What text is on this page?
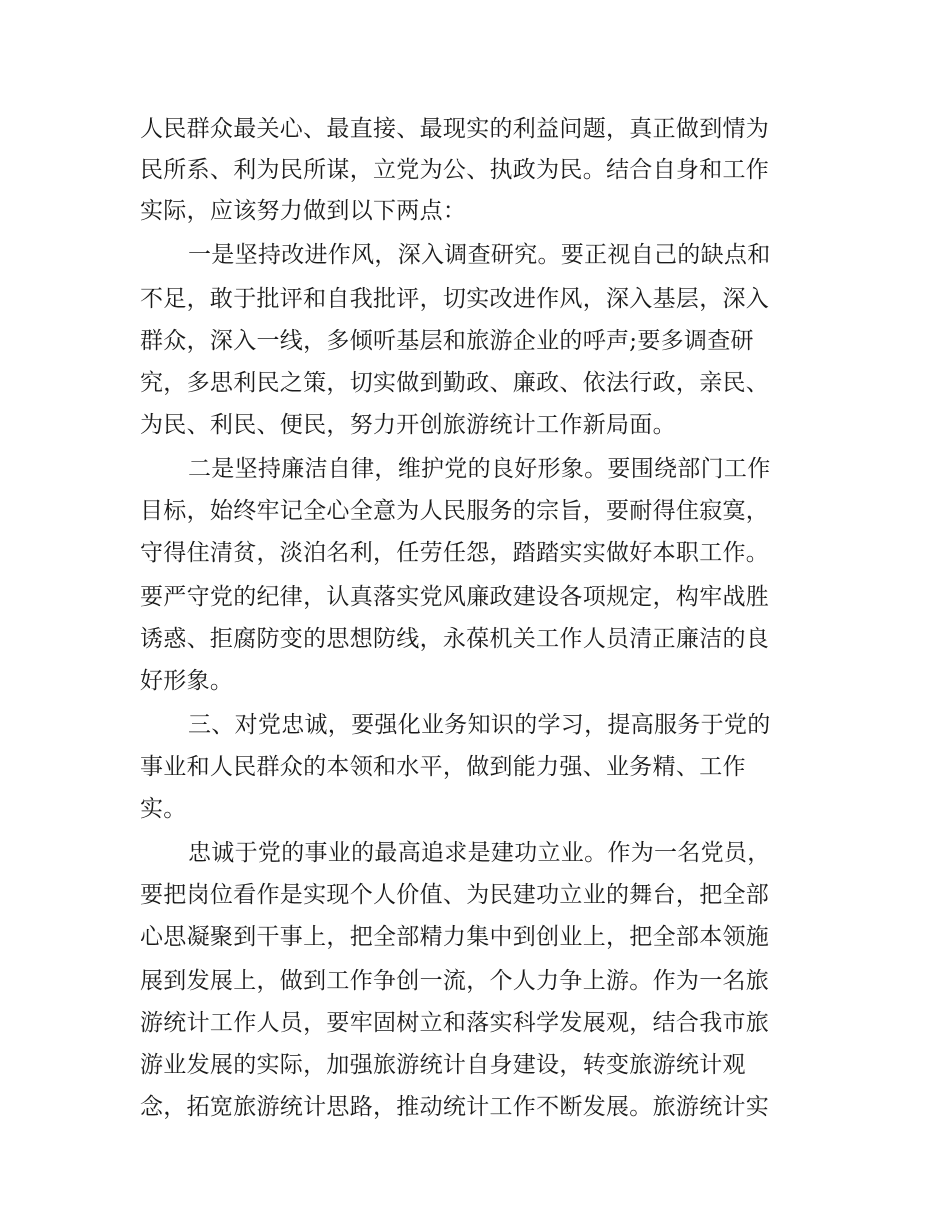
人民群众最关心、最直接、最现实的利益问题，真正做到情为
民所系、利为民所谋，立党为公、执政为民。结合自身和工作
实际，应该努力做到以下两点：
一是坚持改进作风，深入调查研究。要正视自己的缺点和
不足，敢于批评和自我批评，切实改进作风，深入基层，深入
群众，深入一线，多倾听基层和旅游企业的呼声;要多调查研
究，多思利民之策，切实做到勤政、廉政、依法行政，亲民、
为民、利民、便民，努力开创旅游统计工作新局面。
二是坚持廉洁自律，维护党的良好形象。要围绕部门工作
目标，始终牢记全心全意为人民服务的宗旨，要耐得住寂寞，
守得住清贫，淡泊名利，任劳任怨，踏踏实实做好本职工作。
要严守党的纪律，认真落实党风廉政建设各项规定，构牢战胜
诱惑、拒腐防变的思想防线，永葆机关工作人员清正廉洁的良
好形象。
三、对党忠诚，要强化业务知识的学习，提高服务于党的
事业和人民群众的本领和水平，做到能力强、业务精、工作
实。
忠诚于党的事业的最高追求是建功立业。作为一名党员，
要把岗位看作是实现个人价值、为民建功立业的舞台，把全部
心思凝聚到干事上，把全部精力集中到创业上，把全部本领施
展到发展上，做到工作争创一流，个人力争上游。作为一名旅
游统计工作人员，要牢固树立和落实科学发展观，结合我市旅
游业发展的实际，加强旅游统计自身建设，转变旅游统计观
念，拓宽旅游统计思路，推动统计工作不断发展。旅游统计实
